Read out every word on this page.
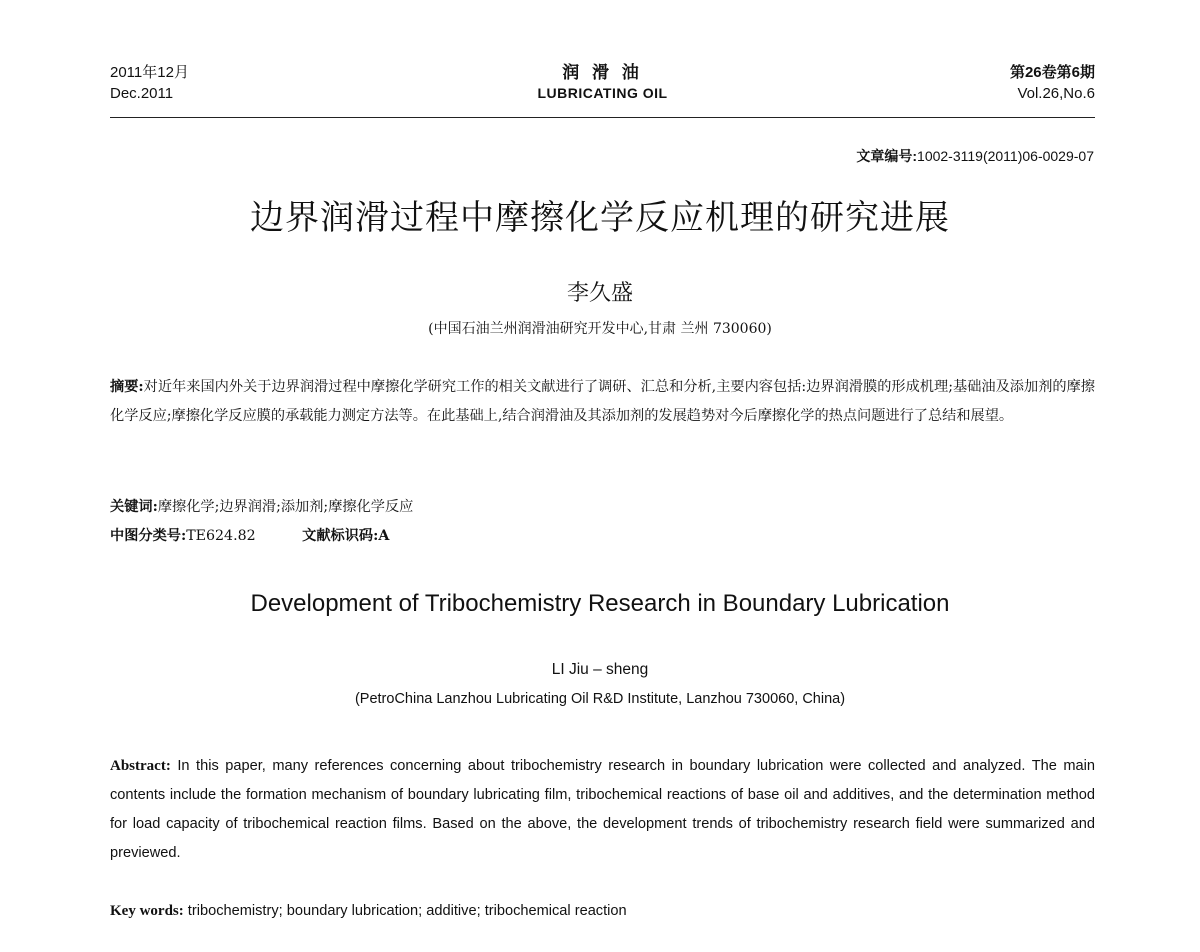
2011年12月
Dec.2011
润 滑 油
LUBRICATING OIL
第26卷第6期
Vol.26,No.6
文章编号:1002-3119(2011)06-0029-07
边界润滑过程中摩擦化学反应机理的研究进展
李久盛
(中国石油兰州润滑油研究开发中心,甘肃 兰州 730060)
摘要:对近年来国内外关于边界润滑过程中摩擦化学研究工作的相关文献进行了调研、汇总和分析,主要内容包括:边界润滑膜的形成机理;基础油及添加剂的摩擦化学反应;摩擦化学反应膜的承载能力测定方法等。在此基础上,结合润滑油及其添加剂的发展趋势对今后摩擦化学的热点问题进行了总结和展望。
关键词:摩擦化学;边界润滑;添加剂;摩擦化学反应
中图分类号:TE624.82	文献标识码:A
Development of Tribochemistry Research in Boundary Lubrication
LI Jiu – sheng
(PetroChina Lanzhou Lubricating Oil R&D Institute, Lanzhou 730060, China)
Abstract: In this paper, many references concerning about tribochemistry research in boundary lubrication were collected and analyzed. The main contents include the formation mechanism of boundary lubricating film, tribochemical reactions of base oil and additives, and the determination method for load capacity of tribochemical reaction films. Based on the above, the development trends of tribochemistry research field were summarized and previewed.
Key words: tribochemistry; boundary lubrication; additive; tribochemical reaction
